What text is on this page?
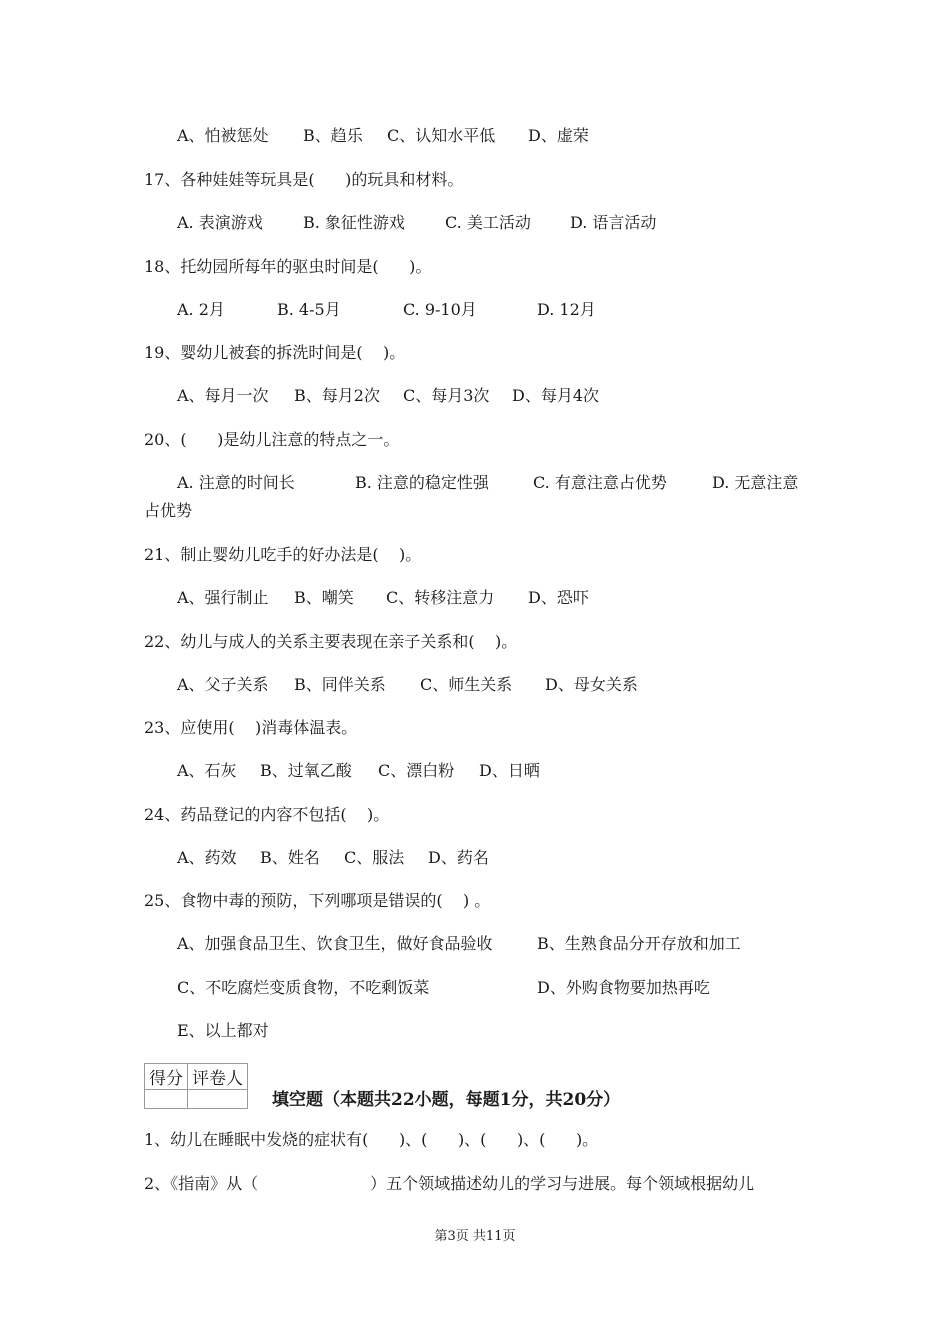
A、怕被惩处 B、趋乐 C、认知水平低 D、虚荣
17、各种娃娃等玩具是(      )的玩具和材料。
A. 表演游戏	B. 象征性游戏	C. 美工活动 D. 语言活动
18、托幼园所每年的驱虫时间是(      )。
A. 2月	B. 4-5月	C. 9-10月	D. 12月
19、婴幼儿被套的拆洗时间是(    )。
A、每月一次 B、每月2次 C、每月3次 D、每月4次
20、(      )是幼儿注意的特点之一。
A. 注意的时间长	B. 注意的稳定性强	C. 有意注意占优势	D. 无意注意
占优势
21、制止婴幼儿吃手的好办法是(    )。
A、强行制止 B、嘲笑 C、转移注意力 D、恐吓
22、幼儿与成人的关系主要表现在亲子关系和(    )。
A、父子关系 B、同伴关系 C、师生关系 D、母女关系
23、应使用(    )消毒体温表。
A、石灰 B、过氧乙酸 C、漂白粉 D、日晒
24、药品登记的内容不包括(    )。
A、药效 B、姓名 C、服法 D、药名
25、食物中毒的预防，下列哪项是错误的(    ) 。
A、加强食品卫生、饮食卫生，做好食品验收	B、生熟食品分开存放和加工
C、不吃腐烂变质食物，不吃剩饭菜	D、外购食物要加热再吃
E、以上都对
得分	评卷人

填空题（本题共22小题，每题1分，共20分）
1、幼儿在睡眠中发烧的症状有(      )、(      )、(      )、(      )。
2、《指南》从（                      ）五个领域描述幼儿的学习与进展。每个领域根据幼儿
第3页 共11页
